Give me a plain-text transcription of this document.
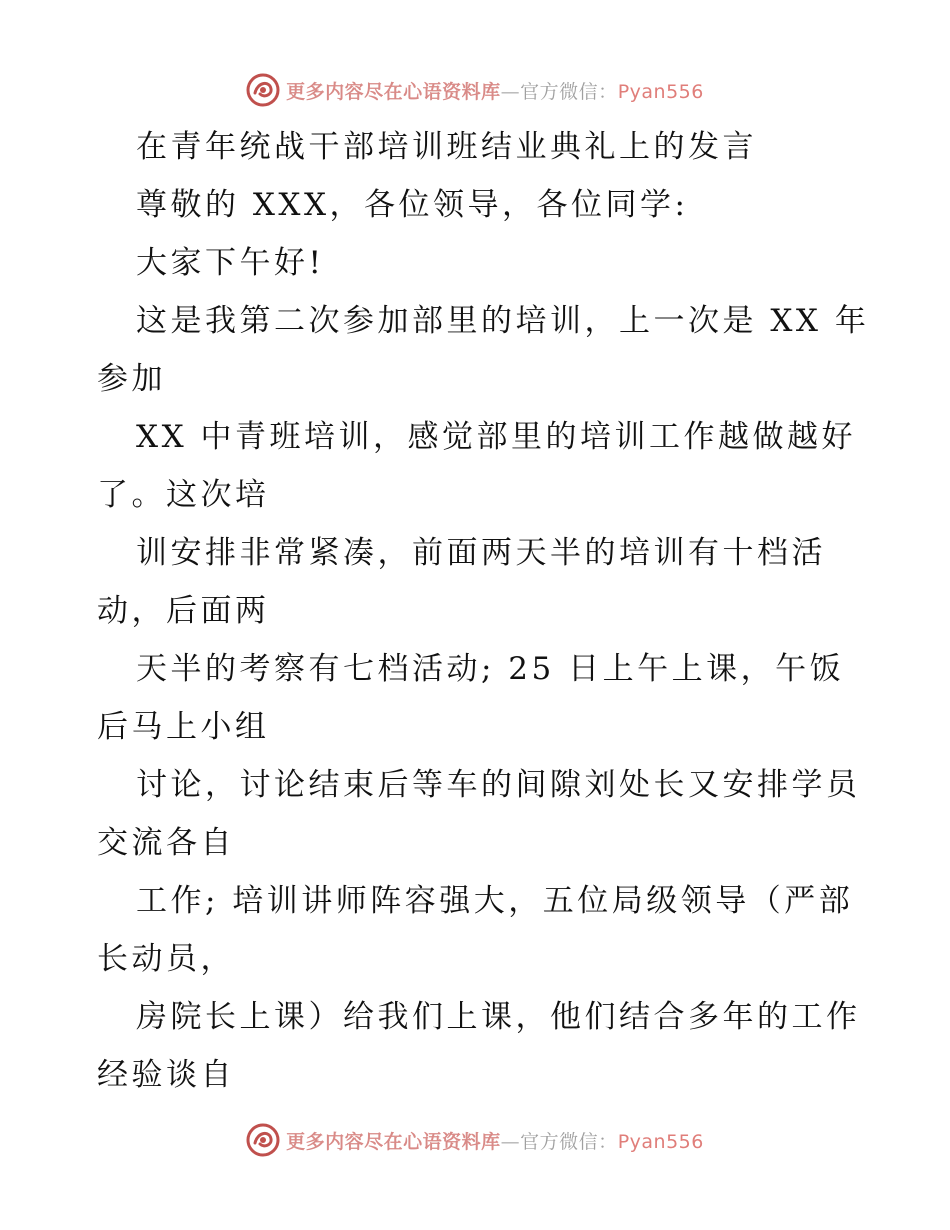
更多内容尽在心语资料库—官方微信：Pyan556
在青年统战干部培训班结业典礼上的发言
尊敬的 XXX，各位领导，各位同学:
大家下午好!
这是我第二次参加部里的培训，上一次是 XX 年
参加
XX 中青班培训，感觉部里的培训工作越做越好
了。这次培
训安排非常紧凑，前面两天半的培训有十档活
动，后面两
天半的考察有七档活动; 25 日上午上课，午饭
后马上小组
讨论，讨论结束后等车的间隙刘处长又安排学员
交流各自
工作; 培训讲师阵容强大，五位局级领导（严部
长动员，
房院长上课）给我们上课，他们结合多年的工作
经验谈自
更多内容尽在心语资料库—官方微信：Pyan556
